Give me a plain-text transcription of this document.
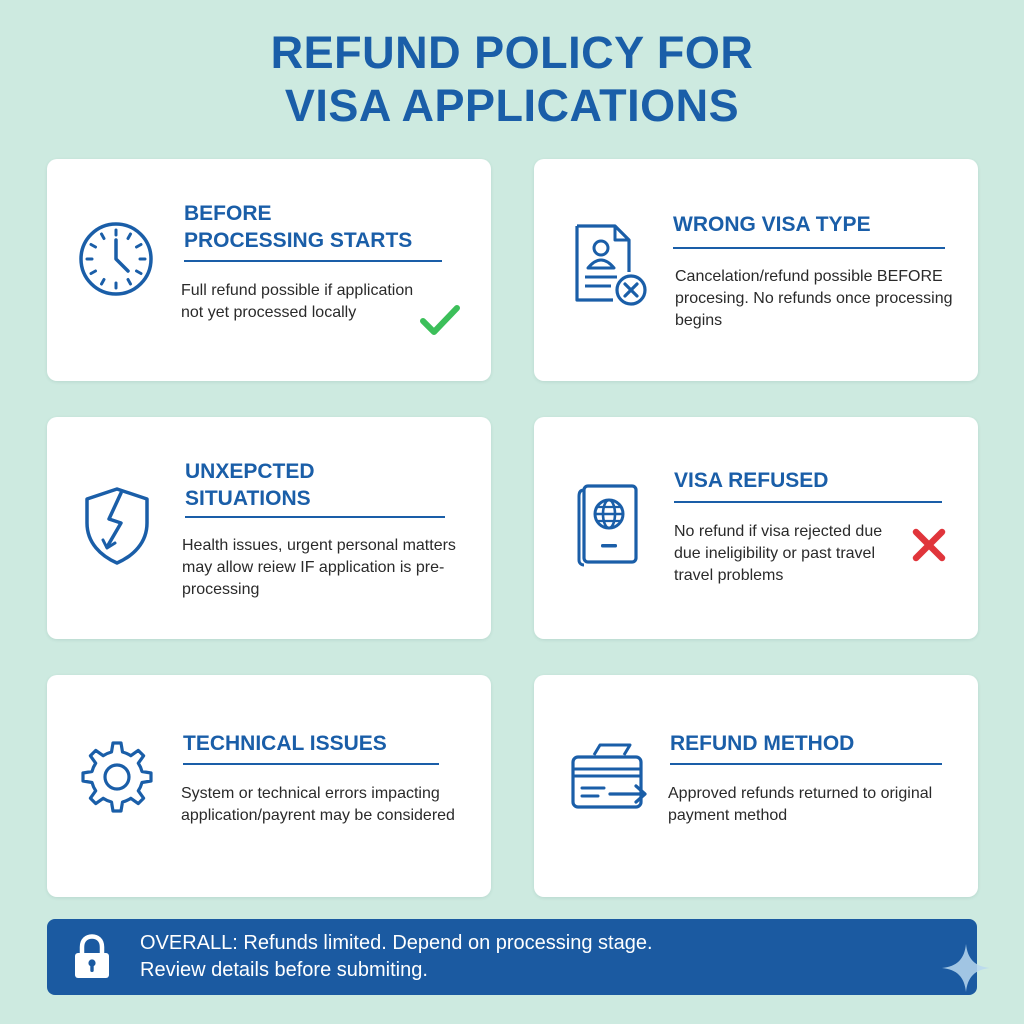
REFUND POLICY FOR
VISA APPLICATIONS
BEFORE
PROCESSING STARTS
Full refund possible if application
not yet processed locally
WRONG VISA TYPE
Cancelation/refund possible BEFORE
procesing. No refunds once processing
begins
UNXEPCTED
SITUATIONS
Health issues, urgent personal matters
may allow reiew IF application is pre-
processing
VISA REFUSED
No refund if visa rejected due
due ineligibility or past travel
travel problems
TECHNICAL ISSUES
System or technical errors impacting
application/payrent may be considered
REFUND METHOD
Approved refunds returned to original
payment method
OVERALL: Refunds limited. Depend on processing stage.
Review details before submiting.
